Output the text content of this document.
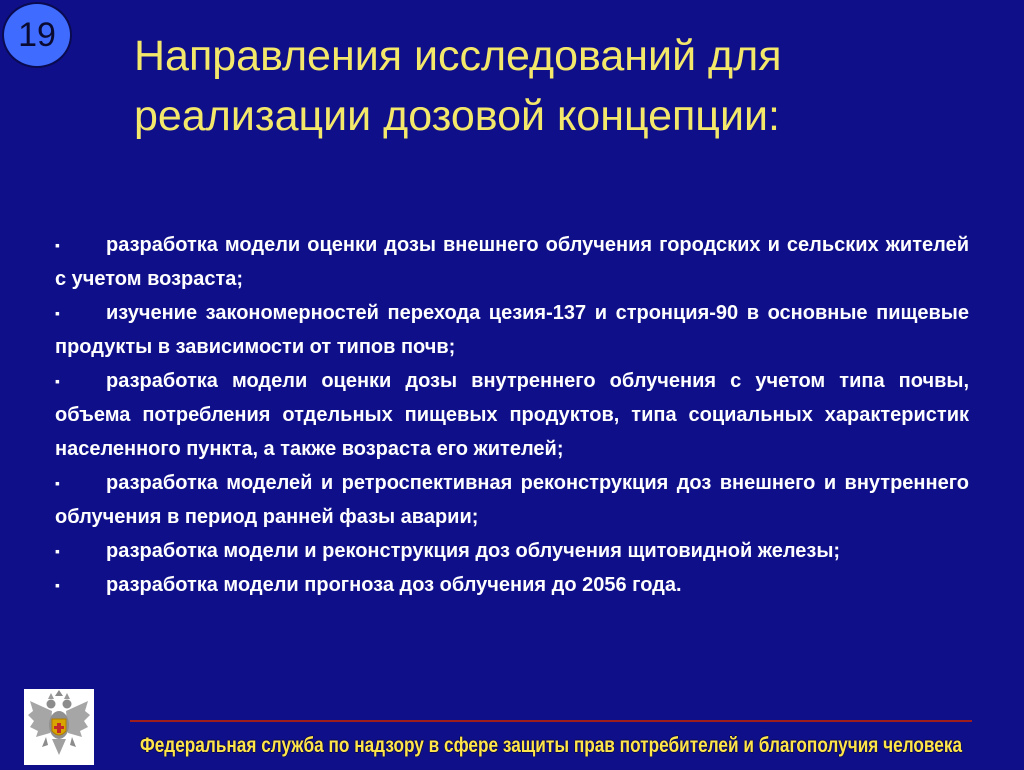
19	Направления исследований для реализации дозовой концепции:
▪	разработка модели оценки дозы внешнего облучения городских и сельских жителей с учетом возраста;
▪	изучение закономерностей перехода цезия-137 и стронция-90 в основные пищевые продукты в зависимости от типов почв;
▪	разработка модели оценки дозы внутреннего облучения с учетом типа почвы, объема потребления отдельных пищевых продуктов, типа социальных характеристик населенного пункта, а также возраста его жителей;
▪	разработка моделей и ретроспективная реконструкция доз внешнего и внутреннего облучения в период ранней фазы аварии;
▪	разработка модели и реконструкция доз облучения щитовидной железы;
▪	разработка модели прогноза доз облучения до 2056 года.

Федеральная служба по надзору в сфере защиты прав потребителей и благополучия человека
